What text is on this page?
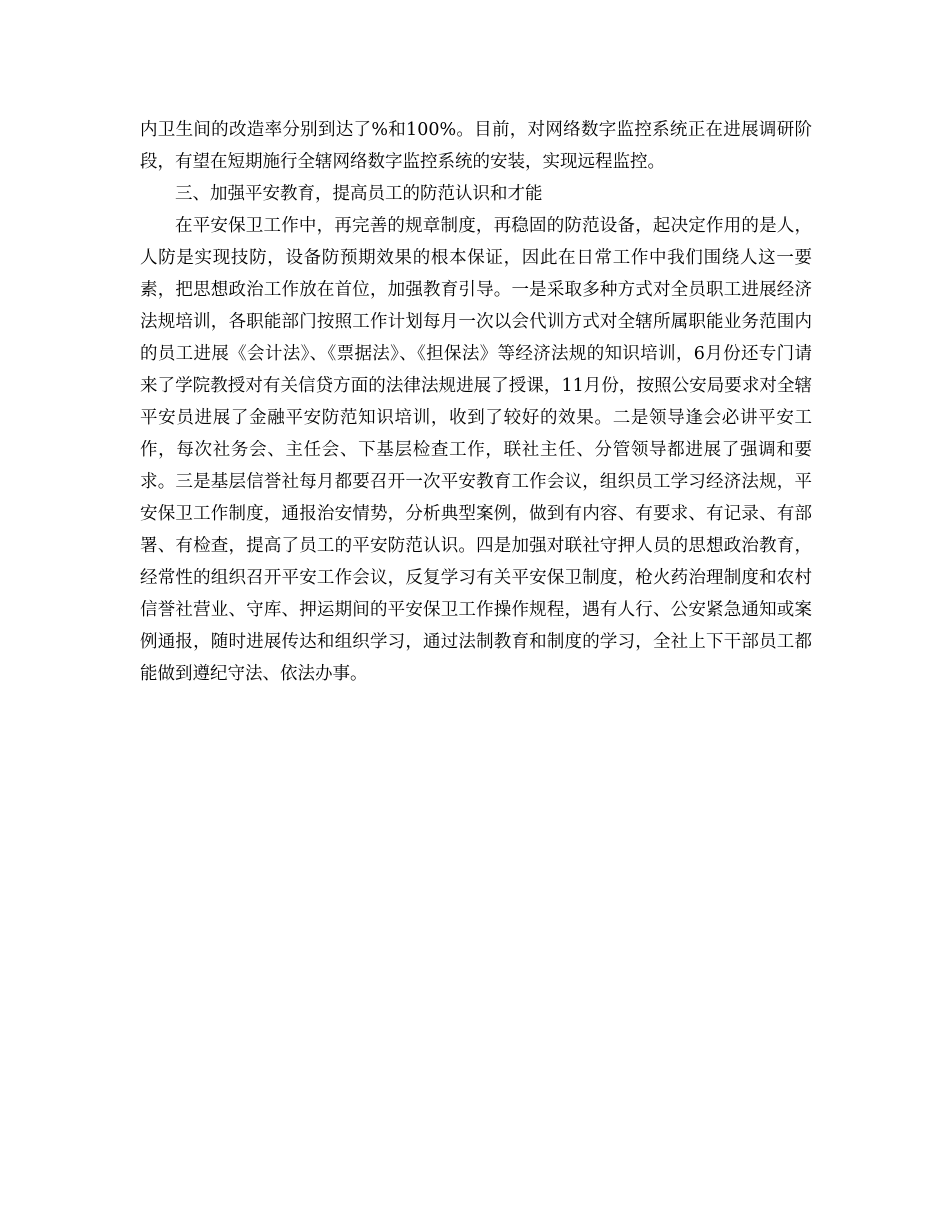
内卫生间的改造率分别到达了%和100%。目前，对网络数字监控系统正在进展调研阶段，有望在短期施行全辖网络数字监控系统的安装，实现远程监控。

三、加强平安教育，提高员工的防范认识和才能

在平安保卫工作中，再完善的规章制度，再稳固的防范设备，起决定作用的是人，人防是实现技防，设备防预期效果的根本保证，因此在日常工作中我们围绕人这一要素，把思想政治工作放在首位，加强教育引导。一是采取多种方式对全员职工进展经济法规培训，各职能部门按照工作计划每月一次以会代训方式对全辖所属职能业务范围内的员工进展《会计法》、《票据法》、《担保法》等经济法规的知识培训，6月份还专门请来了学院教授对有关信贷方面的法律法规进展了授课，11月份，按照公安局要求对全辖平安员进展了金融平安防范知识培训，收到了较好的效果。二是领导逢会必讲平安工作，每次社务会、主任会、下基层检查工作，联社主任、分管领导都进展了强调和要求。三是基层信誉社每月都要召开一次平安教育工作会议，组织员工学习经济法规，平安保卫工作制度，通报治安情势，分析典型案例，做到有内容、有要求、有记录、有部署、有检查，提高了员工的平安防范认识。四是加强对联社守押人员的思想政治教育，经常性的组织召开平安工作会议，反复学习有关平安保卫制度，枪火药治理制度和农村信誉社营业、守库、押运期间的平安保卫工作操作规程，遇有人行、公安紧急通知或案例通报，随时进展传达和组织学习，通过法制教育和制度的学习，全社上下干部员工都能做到遵纪守法、依法办事。
